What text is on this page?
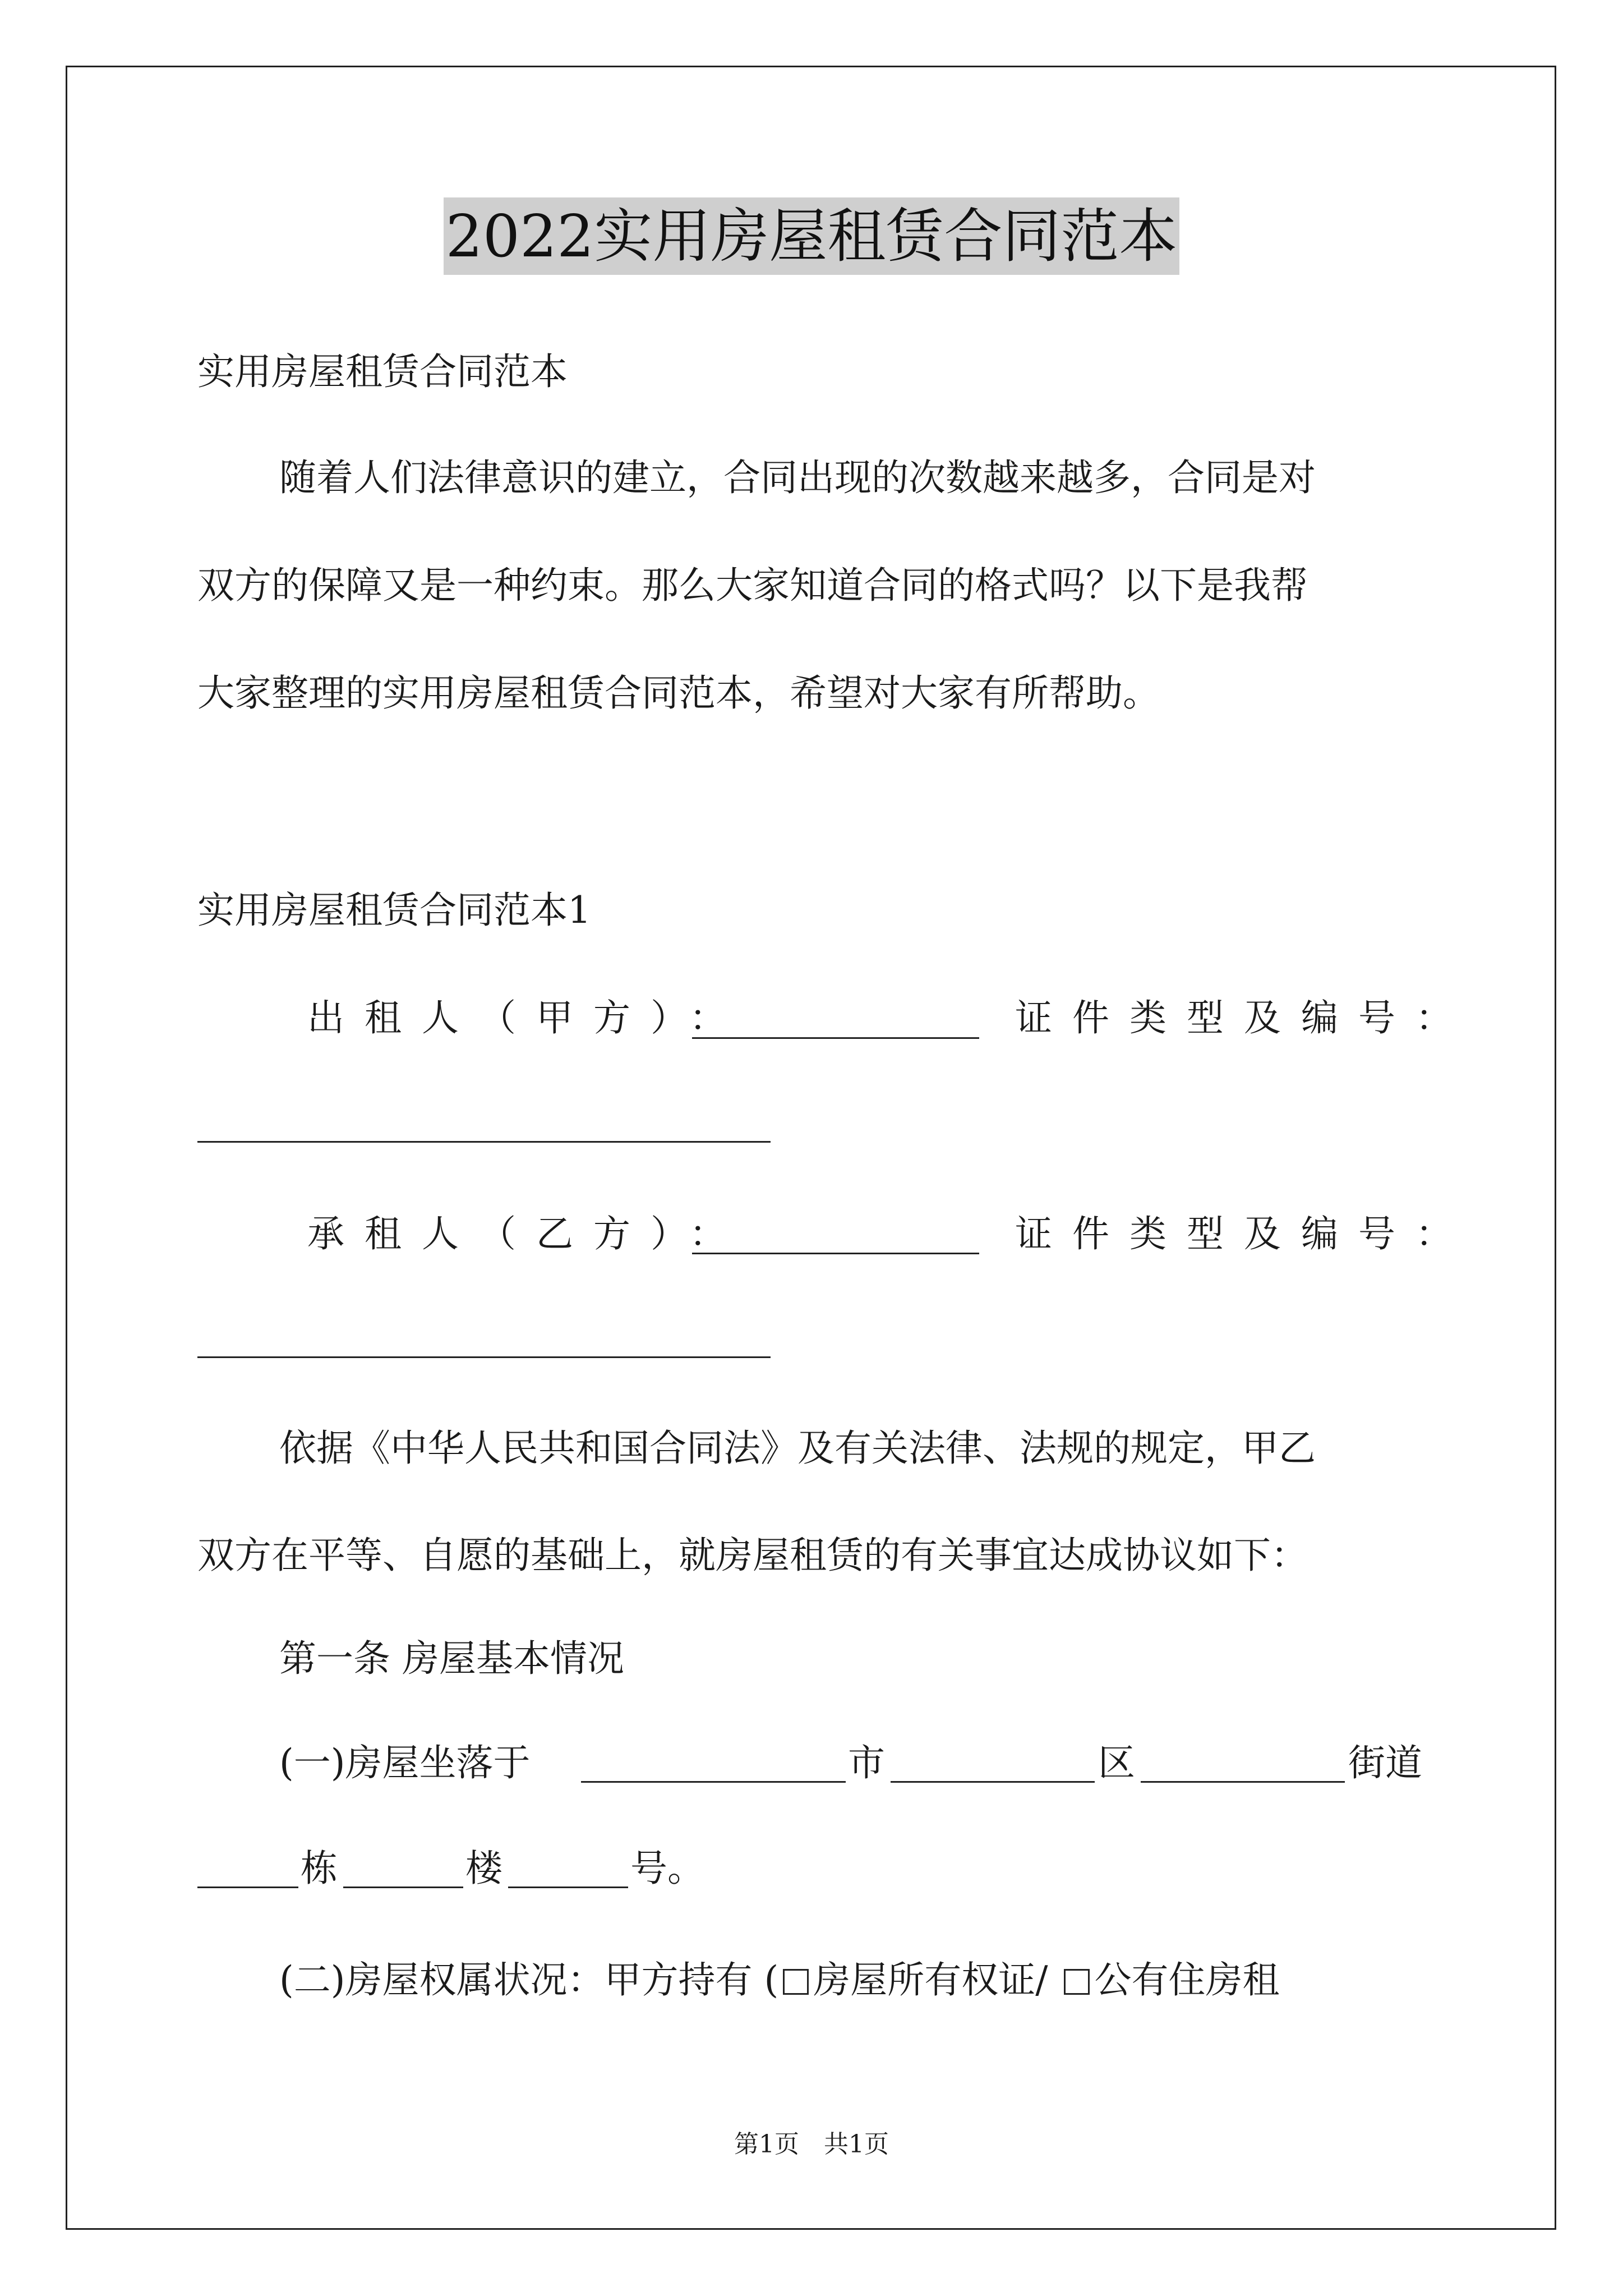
2022实用房屋租赁合同范本
实用房屋租赁合同范本
随着人们法律意识的建立，合同出现的次数越来越多，合同是对
双方的保障又是一种约束。那么大家知道合同的格式吗？以下是我帮
大家整理的实用房屋租赁合同范本，希望对大家有所帮助。
实用房屋租赁合同范本1
出租人（甲方）：	证件类型及编号：
承租人（乙方）：	证件类型及编号：
依据《中华人民共和国合同法》及有关法律、法规的规定，甲乙
双方在平等、自愿的基础上，就房屋租赁的有关事宜达成协议如下：
第一条 房屋基本情况
(一)房屋坐落于	市	区	街道
栋	楼	号。
(二)房屋权属状况：甲方持有 ( 房屋所有权证/ 公有住房租
第1页　共1页
